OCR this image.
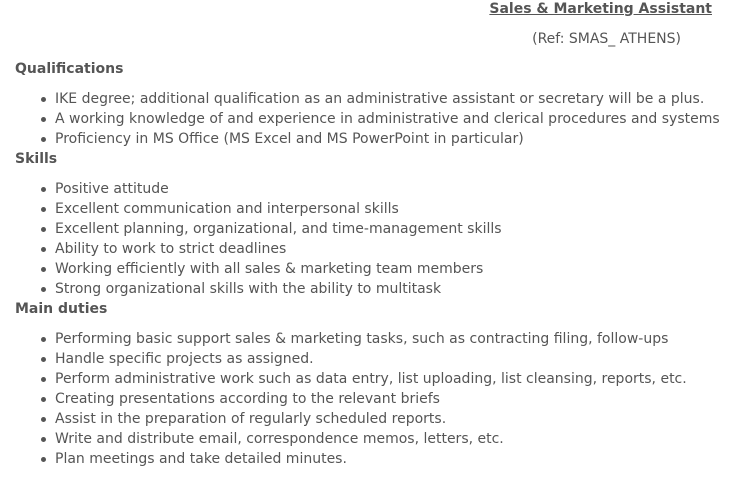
Sales & Marketing Assistant

(Ref: SMAS_ ATHENS)

Qualifications
IKE degree; additional qualification as an administrative assistant or secretary will be a plus.
A working knowledge of and experience in administrative and clerical procedures and systems
Proficiency in MS Office (MS Excel and MS PowerPoint in particular)
Skills
Positive attitude
Excellent communication and interpersonal skills
Excellent planning, organizational, and time-management skills
Ability to work to strict deadlines
Working efficiently with all sales & marketing team members
Strong organizational skills with the ability to multitask
Main duties
Performing basic support sales & marketing tasks, such as contracting filing, follow-ups
Handle specific projects as assigned.
Perform administrative work such as data entry, list uploading, list cleansing, reports, etc.
Creating presentations according to the relevant briefs
Assist in the preparation of regularly scheduled reports.
Write and distribute email, correspondence memos, letters, etc.
Plan meetings and take detailed minutes.
